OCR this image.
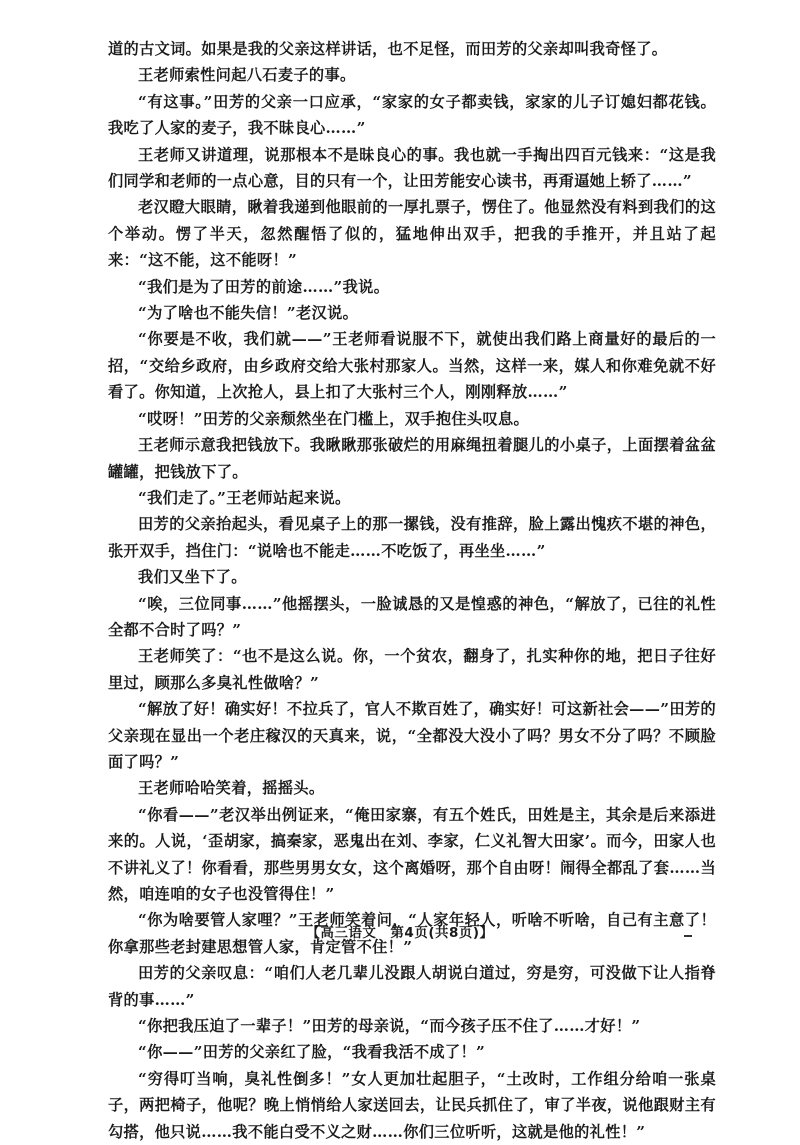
道的古文词。如果是我的父亲这样讲话，也不足怪，而田芳的父亲却叫我奇怪了。

王老师索性问起八石麦子的事。

“有这事。”田芳的父亲一口应承，“家家的女子都卖钱，家家的儿子订媳妇都花钱。我吃了人家的麦子，我不昧良心……”

王老师又讲道理，说那根本不是昧良心的事。我也就一手掏出四百元钱来：“这是我们同学和老师的一点心意，目的只有一个，让田芳能安心读书，再甭逼她上轿了……”

老汉瞪大眼睛，瞅着我递到他眼前的一厚扎票子，愣住了。他显然没有料到我们的这个举动。愣了半天，忽然醒悟了似的，猛地伸出双手，把我的手推开，并且站了起来：“这不能，这不能呀！”

“我们是为了田芳的前途……”我说。

“为了啥也不能失信！”老汉说。

“你要是不收，我们就——”王老师看说服不下，就使出我们路上商量好的最后的一招，“交给乡政府，由乡政府交给大张村那家人。当然，这样一来，媒人和你难免就不好看了。你知道，上次抢人，县上扣了大张村三个人，刚刚释放……”

“哎呀！”田芳的父亲颓然坐在门槛上，双手抱住头叹息。

王老师示意我把钱放下。我瞅瞅那张破烂的用麻绳扭着腿儿的小桌子，上面摆着盆盆罐罐，把钱放下了。

“我们走了。”王老师站起来说。

田芳的父亲抬起头，看见桌子上的那一摞钱，没有推辞，脸上露出愧疚不堪的神色，张开双手，挡住门：“说啥也不能走……不吃饭了，再坐坐……”

我们又坐下了。

“唉，三位同事……”他摇摆头，一脸诚恳的又是惶惑的神色，“解放了，已往的礼性全都不合时了吗？”

王老师笑了：“也不是这么说。你，一个贫农，翻身了，扎实种你的地，把日子往好里过，顾那么多臭礼性做啥？”

“解放了好！确实好！不拉兵了，官人不欺百姓了，确实好！可这新社会——”田芳的父亲现在显出一个老庄稼汉的天真来，说，“全都没大没小了吗？男女不分了吗？不顾脸面了吗？”

王老师哈哈笑着，摇摇头。

“你看——”老汉举出例证来，“俺田家寨，有五个姓氏，田姓是主，其余是后来添进来的。人说，‘歪胡家，搞秦家，恶鬼出在刘、李家，仁义礼智大田家’。而今，田家人也不讲礼义了！你看看，那些男男女女，这个离婚呀，那个自由呀！闹得全都乱了套……当然，咱连咱的女子也没管得住！”

“你为啥要管人家哩？”王老师笑着问，“人家年轻人，听啥不听啥，自己有主意了！你拿那些老封建思想管人家，肯定管不住！”

田芳的父亲叹息：“咱们人老几辈儿没跟人胡说白道过，穷是穷，可没做下让人指脊背的事……”

“你把我压迫了一辈子！”田芳的母亲说，“而今孩子压不住了……才好！”

“你——”田芳的父亲红了脸，“我看我活不成了！”

“穷得叮当响，臭礼性倒多！”女人更加壮起胆子，“土改时，工作组分给咱一张桌子，两把椅子，他呢？晚上悄悄给人家送回去，让民兵抓住了，审了半夜，说他跟财主有勾搭，他只说……我不能白受不义之财……你们三位听听，这就是他的礼性！”

【高三语文　第4页(共8页)】
